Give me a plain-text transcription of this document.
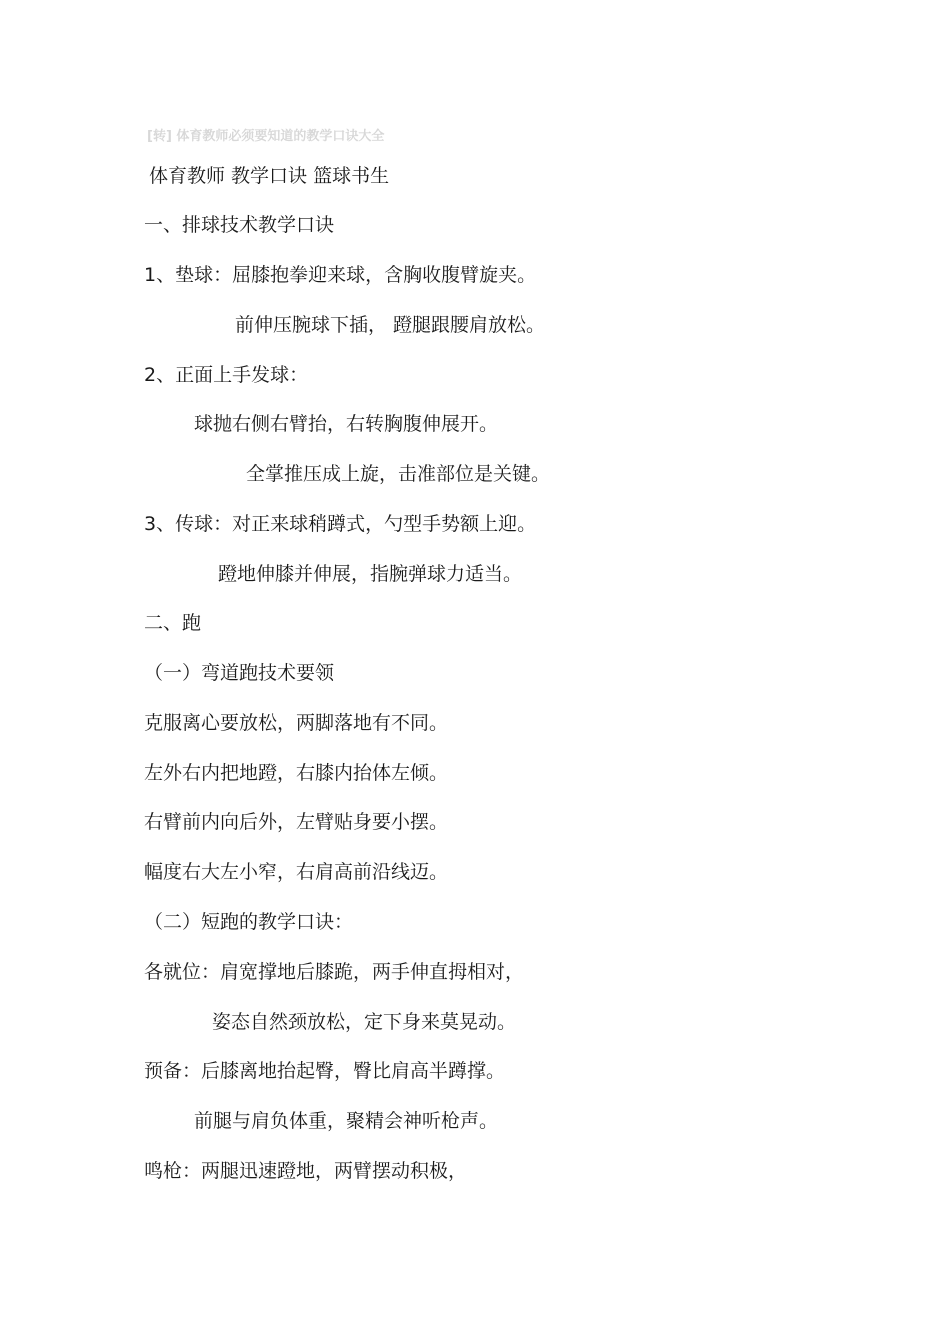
[转] 体育教师必须要知道的教学口诀大全
体育教师 教学口诀 篮球书生
一、排球技术教学口诀
1、垫球：屈膝抱拳迎来球，含胸收腹臂旋夹。
前伸压腕球下插， 蹬腿跟腰肩放松。
2、正面上手发球：
球抛右侧右臂抬，右转胸腹伸展开。
全掌推压成上旋，击准部位是关键。
3、传球：对正来球稍蹲式，勺型手势额上迎。
蹬地伸膝并伸展，指腕弹球力适当。
二、跑
（一）弯道跑技术要领
克服离心要放松，两脚落地有不同。
左外右内把地蹬，右膝内抬体左倾。
右臂前内向后外，左臂贴身要小摆。
幅度右大左小窄，右肩高前沿线迈。
（二）短跑的教学口诀：
各就位：肩宽撑地后膝跪，两手伸直拇相对，
姿态自然颈放松，定下身来莫晃动。
预备：后膝离地抬起臀，臀比肩高半蹲撑。
前腿与肩负体重，聚精会神听枪声。
鸣枪：两腿迅速蹬地，两臂摆动积极，
